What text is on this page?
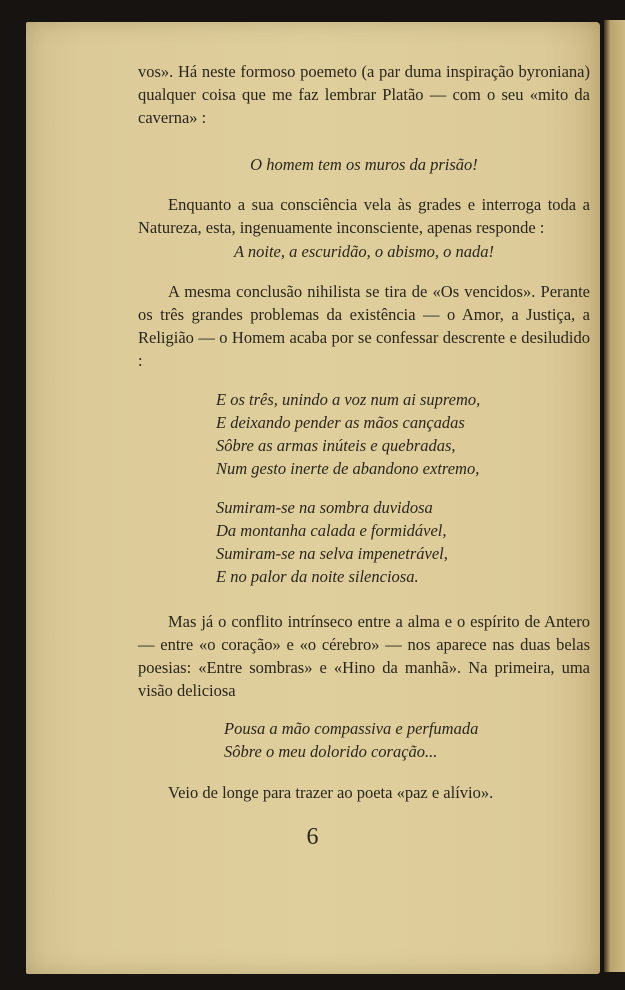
vos». Há neste formoso poemeto (a par duma inspiração byroniana) qualquer coisa que me faz lembrar Platão — com o seu «mito da caverna» :

O homem tem os muros da prisão!

Enquanto a sua consciência vela às grades e interroga toda a Natureza, esta, ingenuamente inconsciente, apenas responde :

A noite, a escuridão, o abismo, o nada!

A mesma conclusão nihilista se tira de «Os vencidos». Perante os três grandes problemas da existência — o Amor, a Justiça, a Religião — o Homem acaba por se confessar descrente e desiludido :

E os três, unindo a voz num ai supremo,
E deixando pender as mãos cançadas
Sôbre as armas inúteis e quebradas,
Num gesto inerte de abandono extremo,
Sumiram-se na sombra duvidosa
Da montanha calada e formidável,
Sumiram-se na selva impenetrável,
E no palor da noite silenciosa.

Mas já o conflito intrínseco entre a alma e o espírito de Antero — entre «o coração» e «o cérebro» — nos aparece nas duas belas poesias: «Entre sombras» e «Hino da manhã». Na primeira, uma visão deliciosa

Pousa a mão compassiva e perfumada
Sôbre o meu dolorido coração...

Veio de longe para trazer ao poeta «paz e alívio».

6
